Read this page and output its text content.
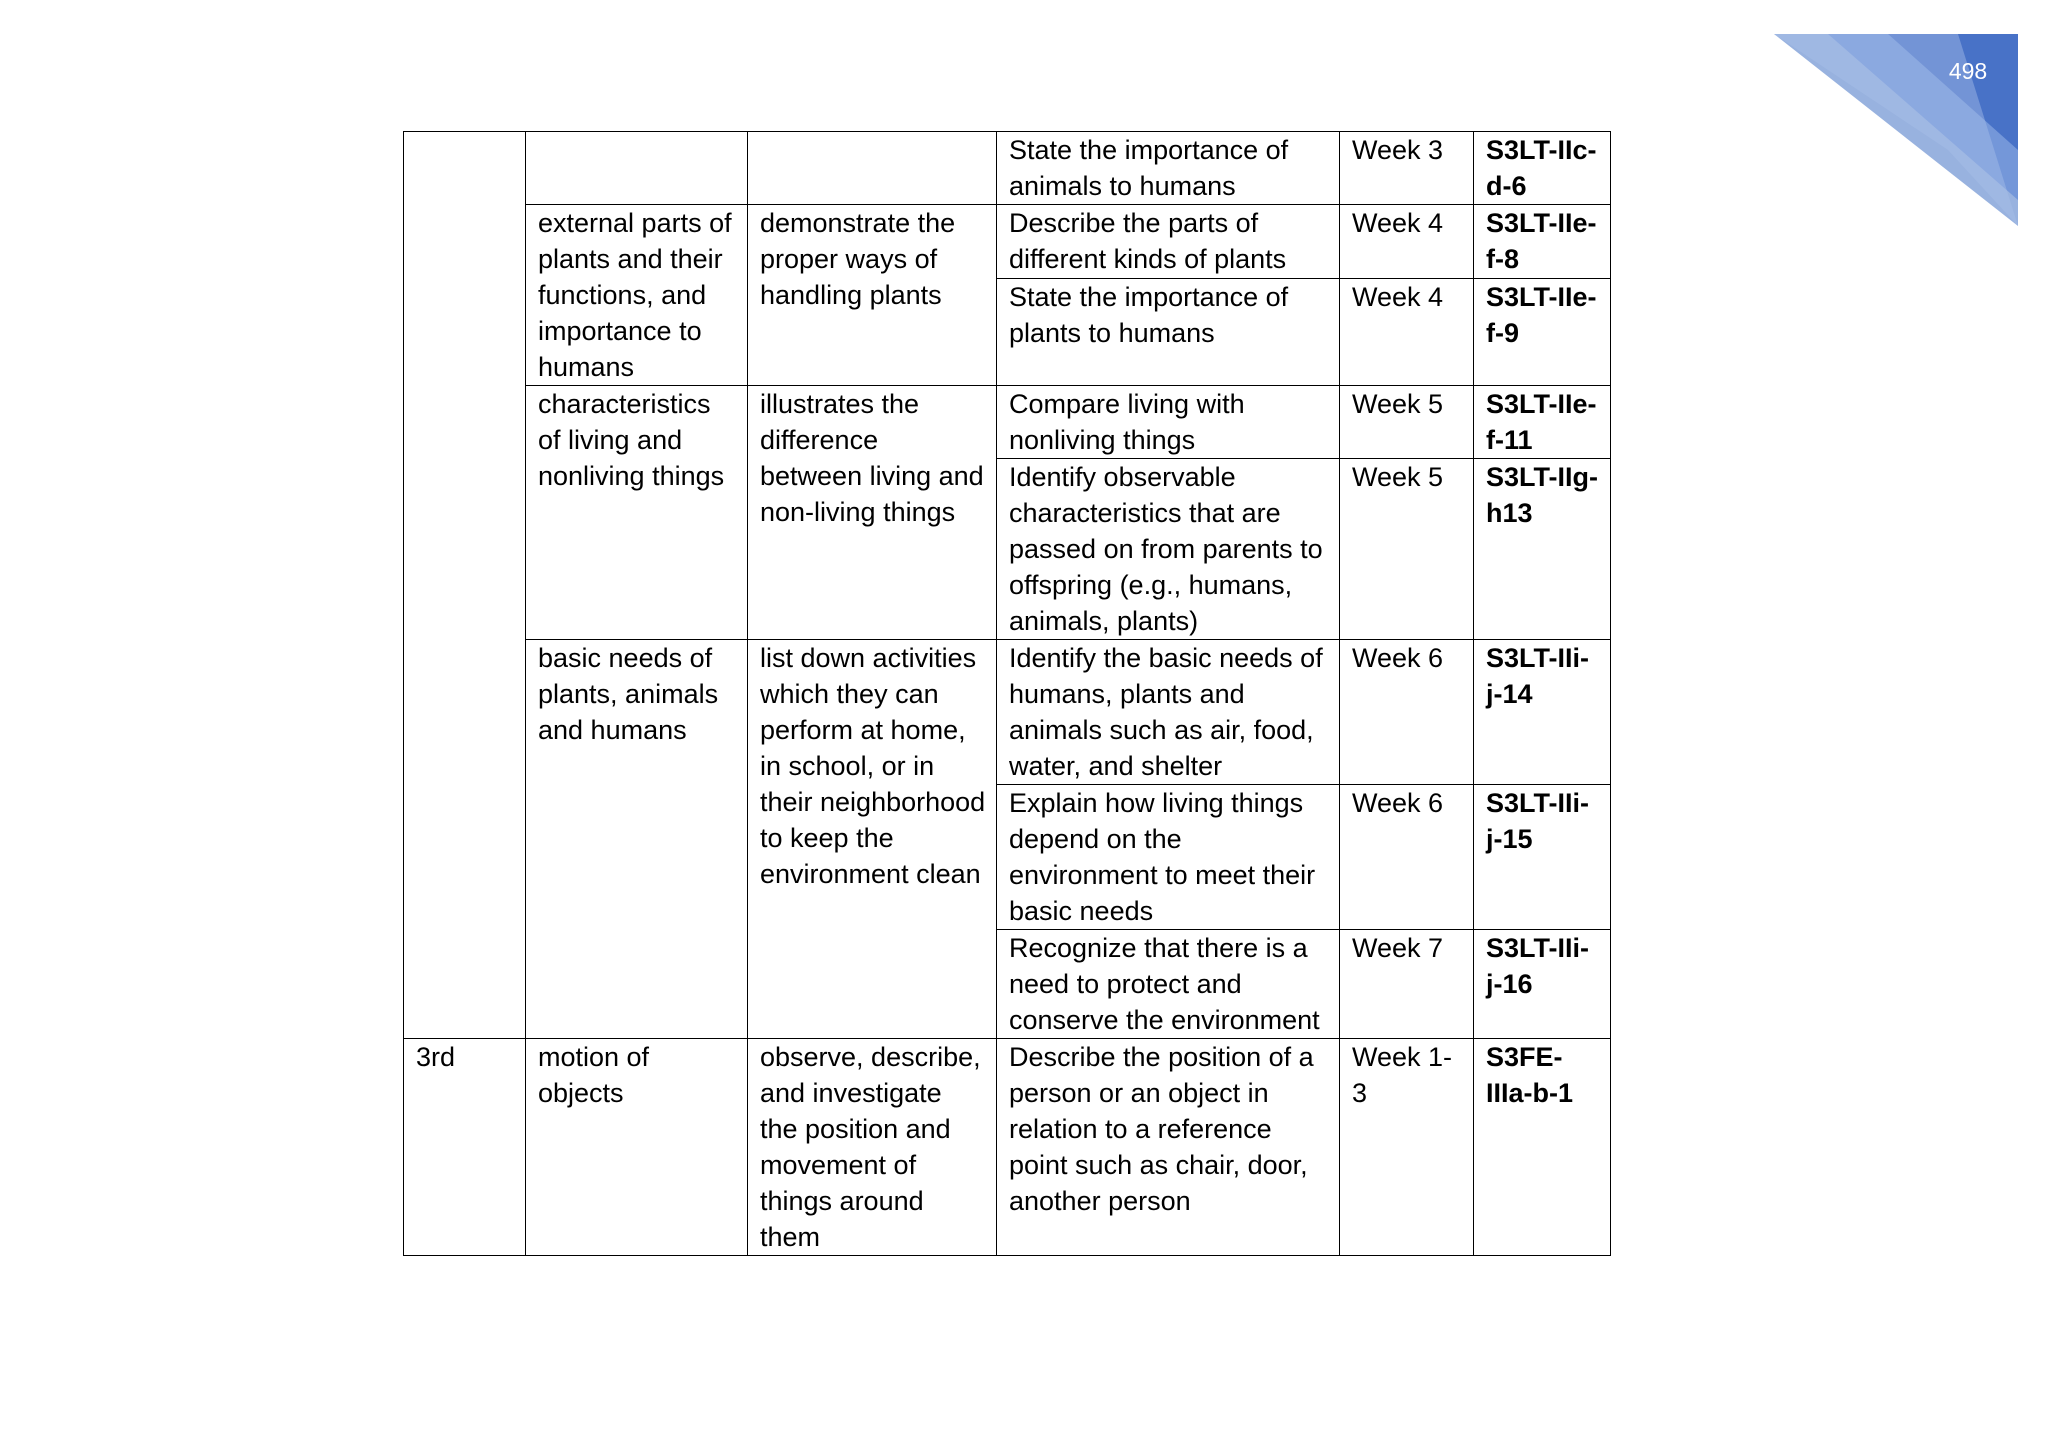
498
			State the importance of animals to humans	Week 3	S3LT-IIc-d-6
	external parts of plants and their functions, and importance to humans	demonstrate the proper ways of handling plants	Describe the parts of different kinds of plants	Week 4	S3LT-IIe-f-8
			State the importance of plants to humans	Week 4	S3LT-IIe-f-9
	characteristics of living and nonliving things	illustrates the difference between living and non-living things	Compare living with nonliving things	Week 5	S3LT-IIe-f-11
			Identify observable characteristics that are passed on from parents to offspring (e.g., humans, animals, plants)	Week 5	S3LT-IIg-h13
	basic needs of plants, animals and humans	list down activities which they can perform at home, in school, or in their neighborhood to keep the environment clean	Identify the basic needs of humans, plants and animals such as air, food, water, and shelter	Week 6	S3LT-IIi-j-14
			Explain how living things depend on the environment to meet their basic needs	Week 6	S3LT-IIi-j-15
			Recognize that there is a need to protect and conserve the environment	Week 7	S3LT-IIi-j-16
3rd	motion of objects	observe, describe, and investigate the position and movement of things around them	Describe the position of a person or an object in relation to a reference point such as chair, door, another person	Week 1-3	S3FE-IIIa-b-1
